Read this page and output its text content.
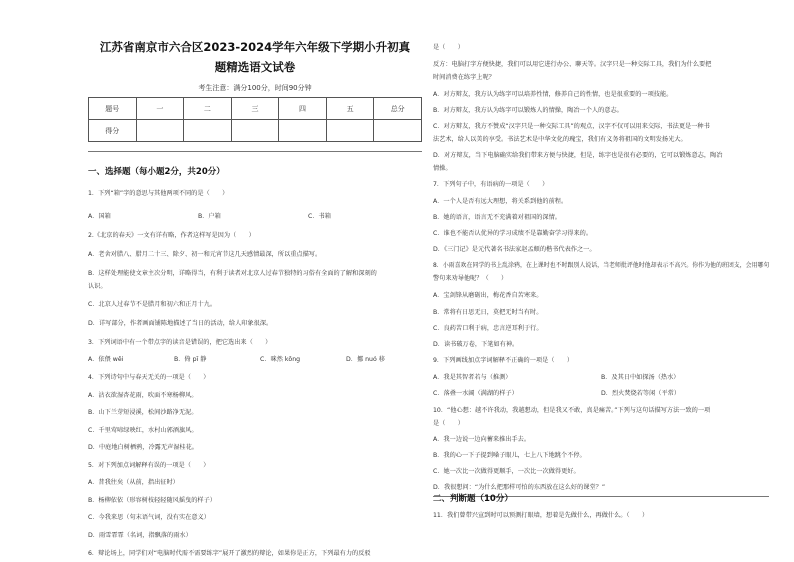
江苏省南京市六合区2023-2024学年六年级下学期小升初真
题精选语文试卷
考生注意：满分100分，时间90分钟
题号	一	二	三	四	五	总分
得分						
一、选择题（每小题2分，共20分）
1．下列“箱”字的意思与其他两项不同的是（　　）
A．国箱	B．户箱	C．书箱
2.《北京的春天》一文有详有略，作者这样写是因为（　　）
A．老舍对腊八、腊月二十三、除夕、初一和元宵节这几天感情最深，所以重点描写。
B．这样处理能使文章主次分明，详略得当，有利于读者对北京人过春节独特的习俗有全面的了解和深刻的
认识。
C．北京人过春节不是腊月和初六和正月十九。
D．详写部分，作者画面铺陈地描述了当日的活动，给人印象很深。
3．下列词语中有一个带点字的读音是错误的，把它选出来（　　）
A．依偎 wēi	B．倚 pī 静	C．咪然 kōng	D．挪 nuó 移
4．下列诗句中与春天无关的一项是（　　）
A．沾衣欲湿杏花雨，吹面不寒杨柳风。
B．山下兰芽短浸溪，松间沙路净无泥。
C．千里莺啼绿映红，水村山郭酒旗风。
D．中庭地白树栖鸦，冷露无声湿桂花。
5．对下列加点词解释有误的一项是（　　）
A．昔我往矣（从前，指出征时）
B．杨柳依依（形容树枝轻轻随风摇曳的样子）
C．今我来思（句末语气词，没有实在意义）
D．雨雪霏霏（名词，指飘落的雨水）
6．辩论场上，同学们对“电脑时代需不需要练字”展开了激烈的辩论，如果你是正方，下列最有力的反驳
是（　　）
反方：电脑打字方便快捷，我们可以用它进行办公、聊天等。汉字只是一种交际工具，我们为什么要把
时间消费在练字上呢？
A．对方辩友，我方认为练字可以培养性情，修养自己的性情，也是很重要的一项技能。
B．对方辩友，我方认为练字可以锻炼人的情操，陶冶一个人的意志。
C．对方辩友，我方不赞成“汉字只是一种交际工具”的观点，汉字不仅可以用来交际，书法更是一种书
法艺术，给人以美的享受。书法艺术是中华文化的瑰宝，我们有义务将祖国的文明发扬光大。
D．对方辩友，当下电脑确实给我们带来方便与快捷，但是，练字也是很有必要的，它可以锻炼意志，陶冶
情操。
7．下列句子中，有语病的一项是（　　）
A．一个人是否有远大理想，将关系到他的前程。
B．她的语言，语言无不充满着对祖国的深情。
C．谁也不能否认优异的学习成绩不是靠勤奋学习得来的。
D．《三门记》是元代著名书法家赵孟頫的楷书代表作之一。
8．小雨喜欢在同学的书上乱涂鸦，在上课时也不时跟别人说话，当老师批评他时他却表示不高兴。你作为他的班团支，会用哪句
警句来劝导他呢？（　　）
A．宝剑锋从磨砺出，梅花香自苦寒来。
B．常将有日思无日，莫把无时当有时。
C．良药苦口利于病，忠言逆耳利于行。
D．读书破万卷，下笔如有神。
9．下列画线加点字词解释不正确的一项是（　　）
A．我是其智者若与（推测）	B．及其日中如探汤（热水）
C．落叠一水阔（满湖的样子）	D．烈火焚烧若等闲（平常）
10．“他心想：越不许我动，我越想动，但是我又不敢，真是痛苦。”下列与这句话描写方法一致的一项
是（　　）
A．我一边说一边向蓄来推出手去。
B．我的心一下子提到嗓子眼儿，七上八下地跳个不停。
C．她一次比一次做得更顺手，一次比一次做得更好。
D．我很想问：“为什么把那样可怕的东西放在这么好的课堂？”
11．我们曾带兴宣到时可以预测打眼墙，想着是先做什么，再做什么。（　　）
二、判断题（10分）
